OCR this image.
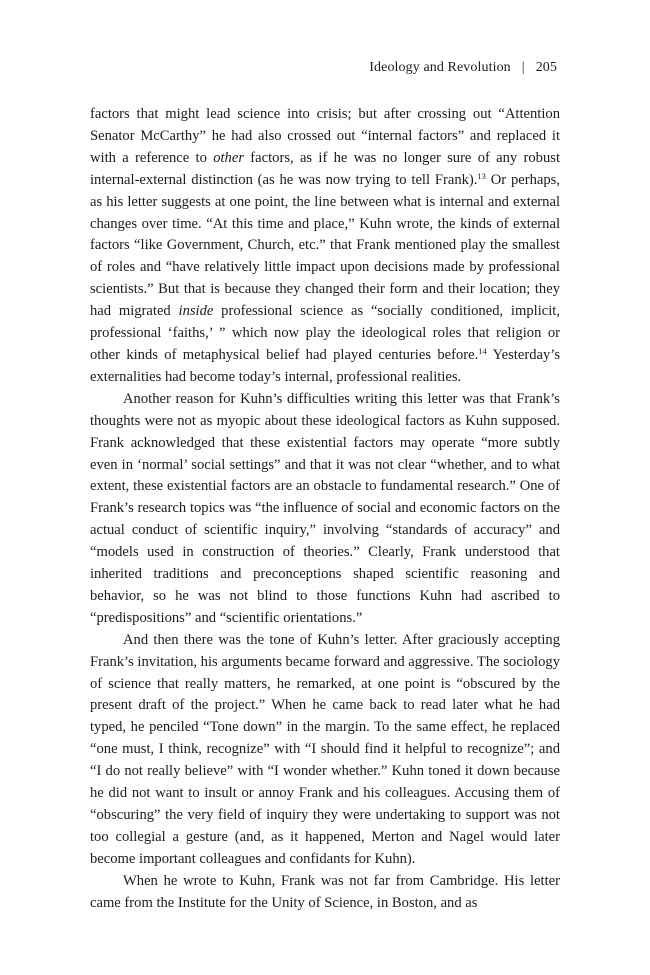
Ideology and Revolution | 205

factors that might lead science into crisis; but after crossing out “Attention Senator McCarthy” he had also crossed out “internal factors” and replaced it with a reference to other factors, as if he was no longer sure of any robust internal-external distinction (as he was now trying to tell Frank).$^{13}$ Or perhaps, as his letter suggests at one point, the line between what is internal and external changes over time. “At this time and place,” Kuhn wrote, the kinds of external factors “like Government, Church, etc.” that Frank mentioned play the smallest of roles and “have relatively little impact upon decisions made by professional scientists.” But that is because they changed their form and their location; they had migrated inside professional science as “socially conditioned, implicit, professional ‘faiths,’ ” which now play the ideological roles that religion or other kinds of metaphysical belief had played centuries before.$^{14}$ Yesterday’s externalities had become today’s internal, professional realities.

Another reason for Kuhn’s difficulties writing this letter was that Frank’s thoughts were not as myopic about these ideological factors as Kuhn supposed. Frank acknowledged that these existential factors may operate “more subtly even in ‘normal’ social settings” and that it was not clear “whether, and to what extent, these existential factors are an obstacle to fundamental research.” One of Frank’s research topics was “the influence of social and economic factors on the actual conduct of scientific inquiry,” involving “standards of accuracy” and “models used in construction of theories.” Clearly, Frank understood that inherited traditions and preconceptions shaped scientific reasoning and behavior, so he was not blind to those functions Kuhn had ascribed to “predispositions” and “scientific orientations.”

And then there was the tone of Kuhn’s letter. After graciously accepting Frank’s invitation, his arguments became forward and aggressive. The sociology of science that really matters, he remarked, at one point is “obscured by the present draft of the project.” When he came back to read later what he had typed, he penciled “Tone down” in the margin. To the same effect, he replaced “one must, I think, recognize” with “I should find it helpful to recognize”; and “I do not really believe” with “I wonder whether.” Kuhn toned it down because he did not want to insult or annoy Frank and his colleagues. Accusing them of “obscuring” the very field of inquiry they were undertaking to support was not too collegial a gesture (and, as it happened, Merton and Nagel would later become important colleagues and confidants for Kuhn).

When he wrote to Kuhn, Frank was not far from Cambridge. His letter came from the Institute for the Unity of Science, in Boston, and as
